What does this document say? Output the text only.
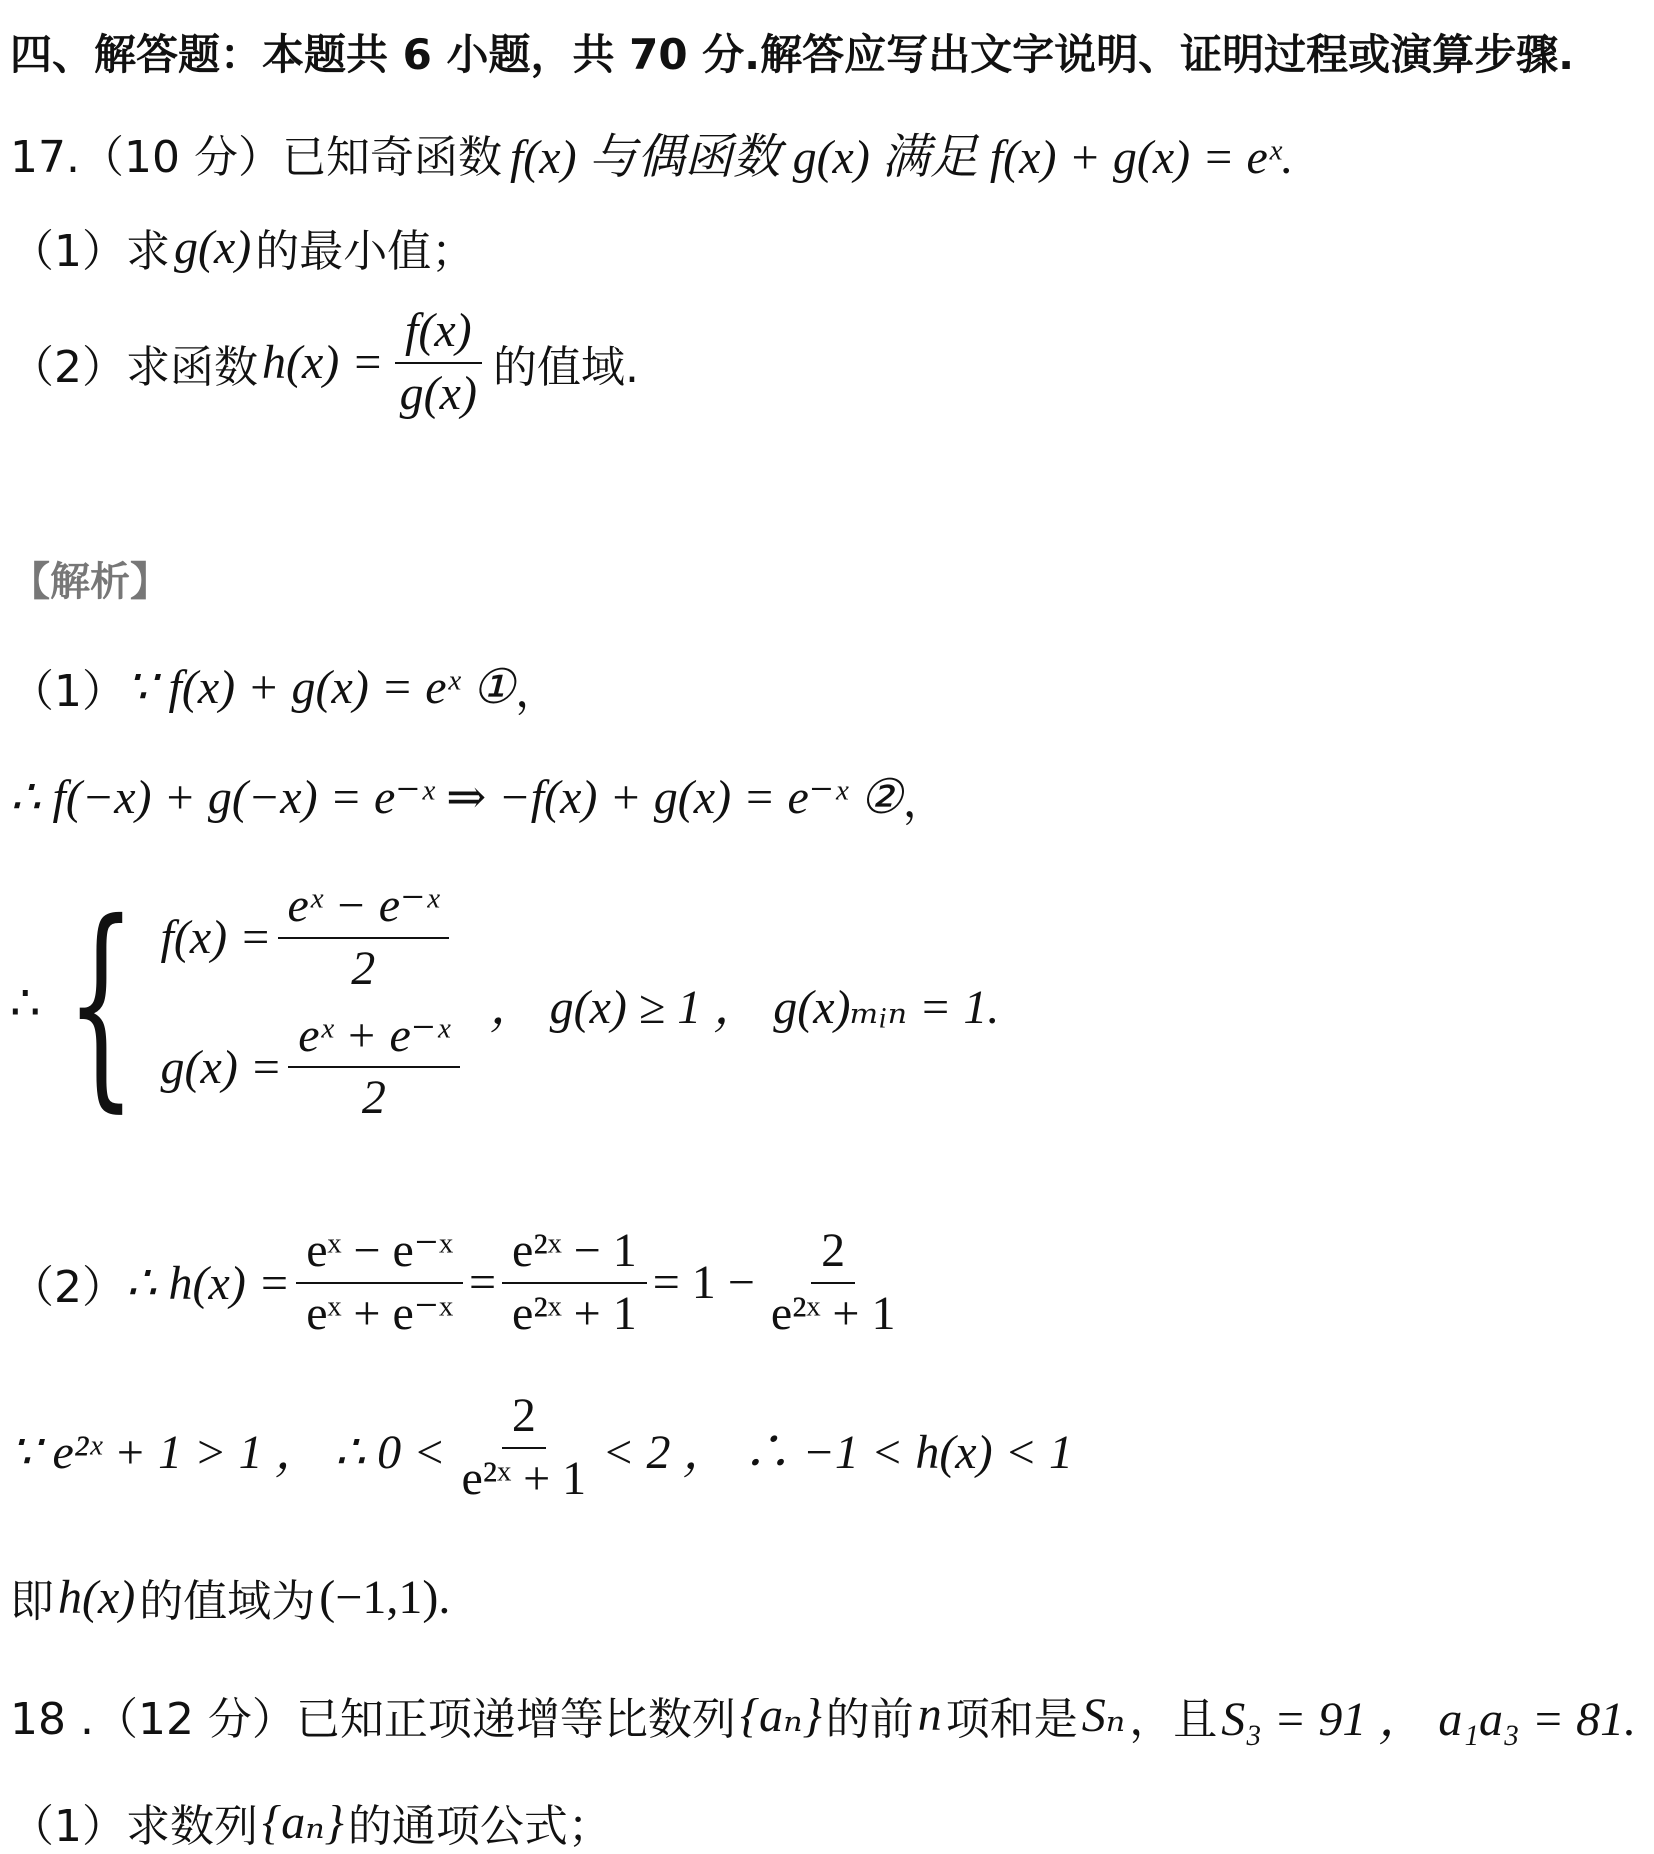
四、解答题：本题共 6 小题，共 70 分.解答应写出文字说明、证明过程或演算步骤.
17.（10 分）已知奇函数 f(x) 与偶函数 g(x) 满足 f(x) + g(x) = eˣ.
（1）求 g(x) 的最小值；
（2）求函数 $h(x) = \frac{f(x)}{g(x)}$ 的值域.
【解析】
（1） ∵ f(x) + g(x) = eˣ ① ，
∴ f(−x) + g(−x) = e⁻ˣ ⇒ −f(x) + g(x) = e⁻ˣ ② ，
∴ { $f(x) = \frac{\text{eˣ − e⁻ˣ}}{2}$
$g(x) = \frac{\text{eˣ + e⁻ˣ}}{2}$
， g(x) ≥ 1 ， g(x)ₘᵢₙ = 1.
（2） ∴ $h(x) = \frac{\text{eˣ − e⁻ˣ}}{\text{eˣ + e⁻ˣ}} = \frac{\text{e²ˣ − 1}}{\text{e²ˣ + 1}} = 1 - \frac{2}{\text{e²ˣ + 1}}$
∵ e²ˣ + 1 > 1 ， ∴ $0 < \frac{2}{\text{e²ˣ + 1}} < 2$ ， ∴ −1 < h(x) < 1
即 h(x) 的值域为 (−1,1).
18 .（12 分）已知正项递增等比数列 {aₙ} 的前 n 项和是 Sₙ ，且 S₃ = 91 ， a₁a₃ = 81.
（1）求数列 {aₙ} 的通项公式；
